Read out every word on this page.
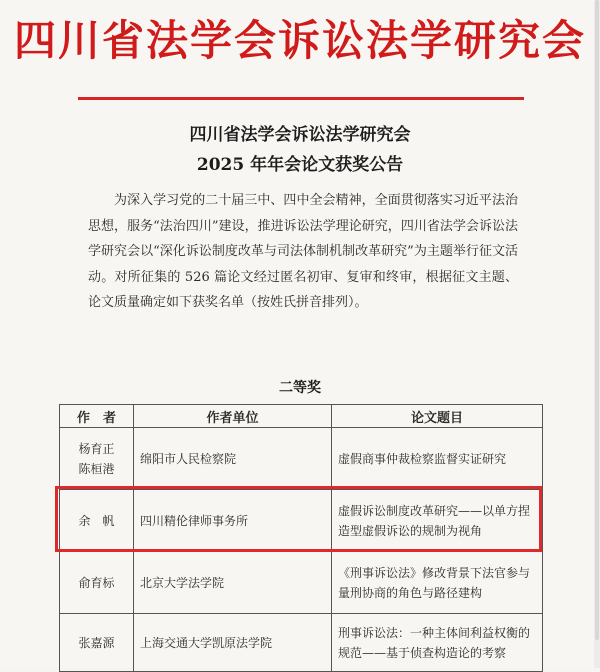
四川省法学会诉讼法学研究会
四川省法学会诉讼法学研究会
2025 年年会论文获奖公告
为深入学习党的二十届三中、四中全会精神，全面贯彻落实习近平法治思想，服务“法治四川”建设，推进诉讼法学理论研究，四川省法学会诉讼法学研究会以“深化诉讼制度改革与司法体制机制改革研究”为主题举行征文活动。对所征集的 526 篇论文经过匿名初审、复审和终审，根据征文主题、论文质量确定如下获奖名单（按姓氏拼音排列）。
二等奖
作　者	作者单位	论文题目

杨育正
陈桓港	绵阳市人民检察院	虚假商事仲裁检察监督实证研究

余　帆	四川精伦律师事务所	虚假诉讼制度改革研究——以单方捏造型虚假诉讼的规制为视角

俞育标	北京大学法学院	《刑事诉讼法》修改背景下法官参与量刑协商的角色与路径建构

张嘉源	上海交通大学凯原法学院	刑事诉讼法：一种主体间利益权衡的规范——基于侦查构造论的考察
